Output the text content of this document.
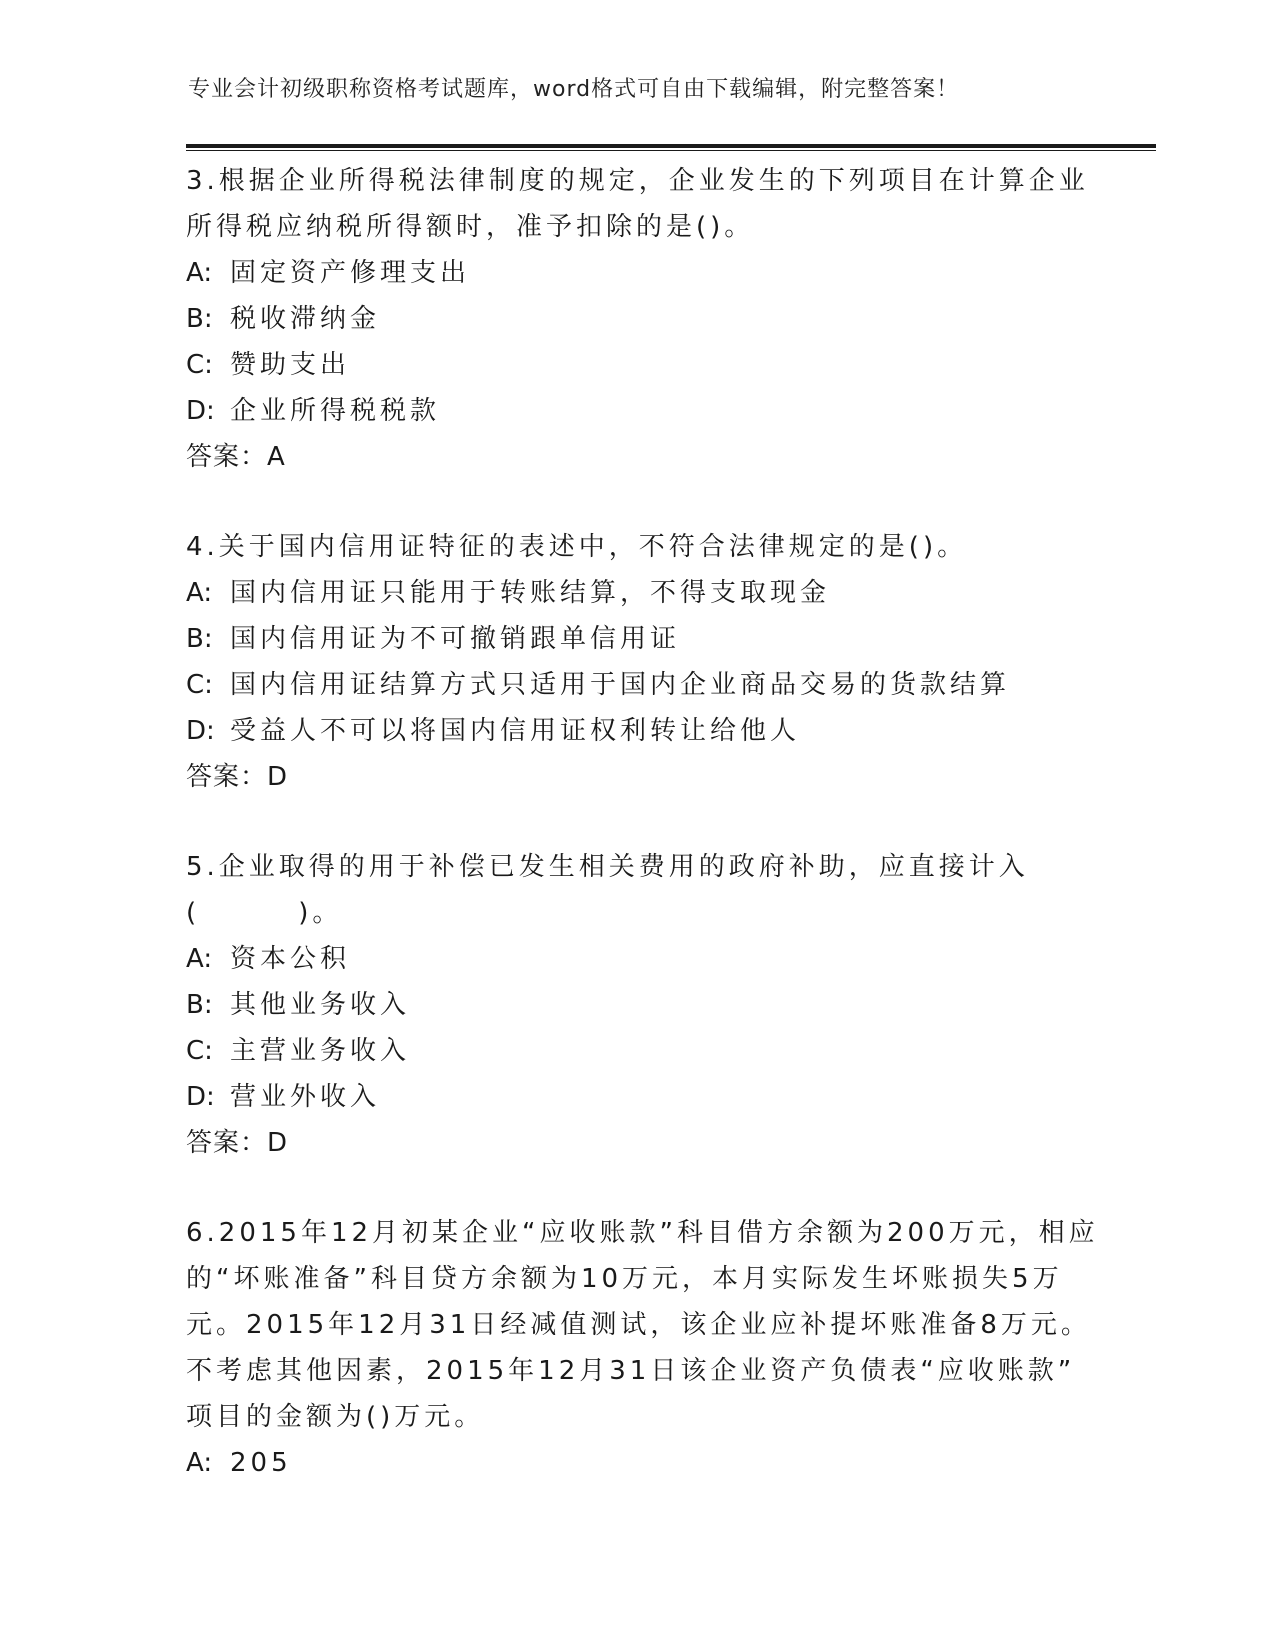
专业会计初级职称资格考试题库，word格式可自由下载编辑，附完整答案！
3.根据企业所得税法律制度的规定，企业发生的下列项目在计算企业
所得税应纳税所得额时，准予扣除的是()。
A: 固定资产修理支出
B: 税收滞纳金
C: 赞助支出
D: 企业所得税税款
答案：A
4.关于国内信用证特征的表述中，不符合法律规定的是()。
A: 国内信用证只能用于转账结算，不得支取现金
B: 国内信用证为不可撤销跟单信用证
C: 国内信用证结算方式只适用于国内企业商品交易的货款结算
D: 受益人不可以将国内信用证权利转让给他人
答案：D
5.企业取得的用于补偿已发生相关费用的政府补助，应直接计入
(        )。
A: 资本公积
B: 其他业务收入
C: 主营业务收入
D: 营业外收入
答案：D
6.2015年12月初某企业“应收账款”科目借方余额为200万元，相应
的“坏账准备”科目贷方余额为10万元，本月实际发生坏账损失5万
元。2015年12月31日经减值测试，该企业应补提坏账准备8万元。
不考虑其他因素，2015年12月31日该企业资产负债表“应收账款”
项目的金额为()万元。
A: 205
